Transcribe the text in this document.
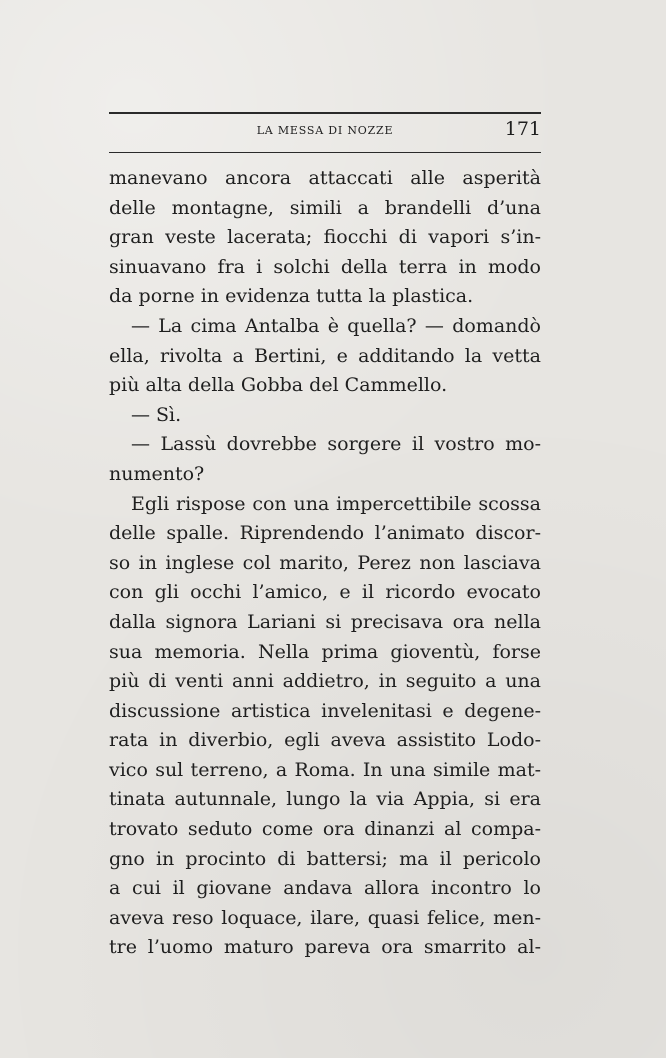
LA MESSA DI NOZZE	171
manevano ancora attaccati alle asperità
delle montagne, simili a brandelli d’una
gran veste lacerata; fiocchi di vapori s’in-
sinuavano fra i solchi della terra in modo
da porne in evidenza tutta la plastica.
— La cima Antalba è quella? — domandò
ella, rivolta a Bertini, e additando la vetta
più alta della Gobba del Cammello.
— Sì.
— Lassù dovrebbe sorgere il vostro mo-
numento?
Egli rispose con una impercettibile scossa
delle spalle. Riprendendo l’animato discor-
so in inglese col marito, Perez non lasciava
con gli occhi l’amico, e il ricordo evocato
dalla signora Lariani si precisava ora nella
sua memoria. Nella prima gioventù, forse
più di venti anni addietro, in seguito a una
discussione artistica invelenitasi e degene-
rata in diverbio, egli aveva assistito Lodo-
vico sul terreno, a Roma. In una simile mat-
tinata autunnale, lungo la via Appia, si era
trovato seduto come ora dinanzi al compa-
gno in procinto di battersi; ma il pericolo
a cui il giovane andava allora incontro lo
aveva reso loquace, ilare, quasi felice, men-
tre l’uomo maturo pareva ora smarrito al-
